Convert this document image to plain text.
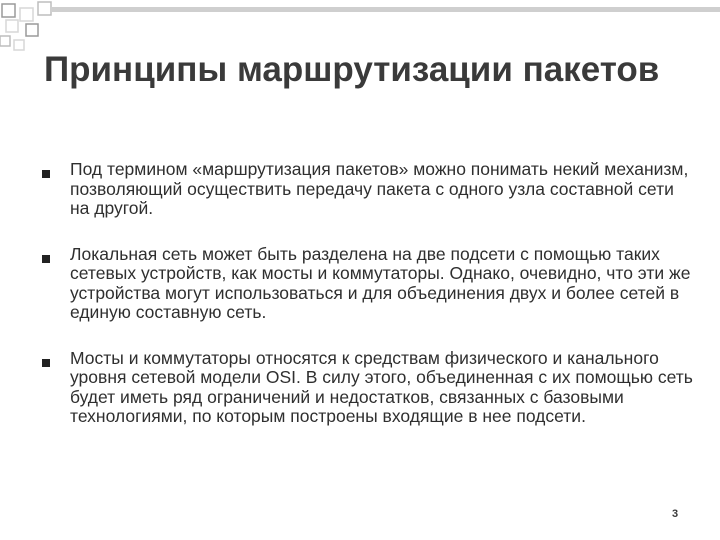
Принципы маршрутизации пакетов
Под термином «маршрутизация пакетов» можно понимать некий механизм, позволяющий осуществить передачу пакета с одного узла составной сети на другой.
Локальная сеть может быть разделена на две подсети с помощью таких сетевых устройств, как мосты и коммутаторы. Однако, очевидно, что эти же устройства могут использоваться и для объединения двух и более сетей в единую составную сеть.
Мосты и коммутаторы относятся к средствам физического и канального уровня сетевой модели OSI. В силу этого, объединенная с их помощью сеть будет иметь ряд ограничений и недостатков, связанных с базовыми технологиями, по которым построены входящие в нее подсети.
3
